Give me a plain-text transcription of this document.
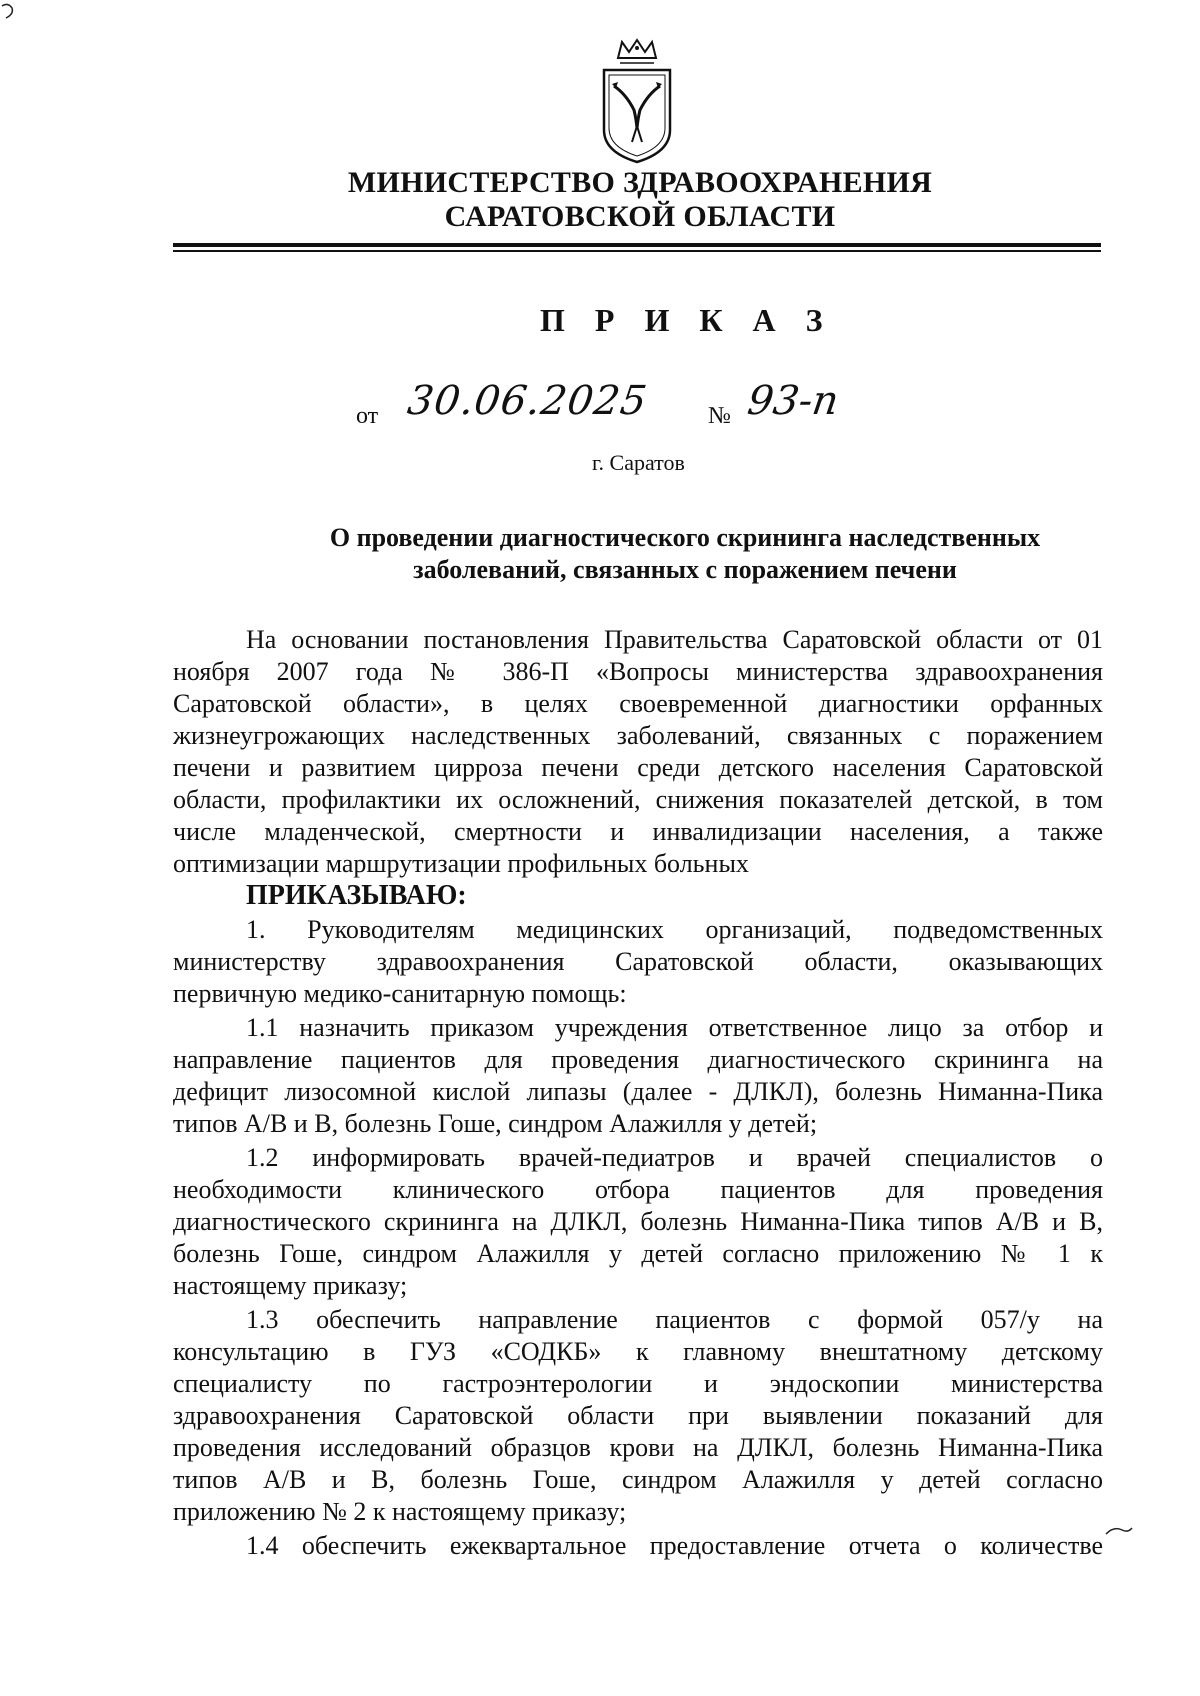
МИНИСТЕРСТВО ЗДРАВООХРАНЕНИЯ
САРАТОВСКОЙ ОБЛАСТИ
П Р И К А З
от 30.06.2025 № 93-п
г. Саратов
О проведении диагностического скрининга наследственных
заболеваний, связанных с поражением печени
На основании постановления Правительства Саратовской области от 01
ноября 2007 года № 386-П «Вопросы министерства здравоохранения
Саратовской области», в целях своевременной диагностики орфанных
жизнеугрожающих наследственных заболеваний, связанных с поражением
печени и развитием цирроза печени среди детского населения Саратовской
области, профилактики их осложнений, снижения показателей детской, в том
числе младенческой, смертности и инвалидизации населения, а также
оптимизации маршрутизации профильных больных
ПРИКАЗЫВАЮ:
1. Руководителям медицинских организаций, подведомственных
министерству здравоохранения Саратовской области, оказывающих
первичную медико-санитарную помощь:
1.1 назначить приказом учреждения ответственное лицо за отбор и
направление пациентов для проведения диагностического скрининга на
дефицит лизосомной кислой липазы (далее - ДЛКЛ), болезнь Ниманна-Пика
типов А/В и В, болезнь Гоше, синдром Алажилля у детей;
1.2 информировать врачей-педиатров и врачей специалистов о
необходимости клинического отбора пациентов для проведения
диагностического скрининга на ДЛКЛ, болезнь Ниманна-Пика типов А/В и В,
болезнь Гоше, синдром Алажилля у детей согласно приложению № 1 к
настоящему приказу;
1.3 обеспечить направление пациентов с формой 057/у на
консультацию в ГУЗ «СОДКБ» к главному внештатному детскому
специалисту по гастроэнтерологии и эндоскопии министерства
здравоохранения Саратовской области при выявлении показаний для
проведения исследований образцов крови на ДЛКЛ, болезнь Ниманна-Пика
типов А/В и В, болезнь Гоше, синдром Алажилля у детей согласно
приложению № 2 к настоящему приказу;
1.4 обеспечить ежеквартальное предоставление отчета о количестве
